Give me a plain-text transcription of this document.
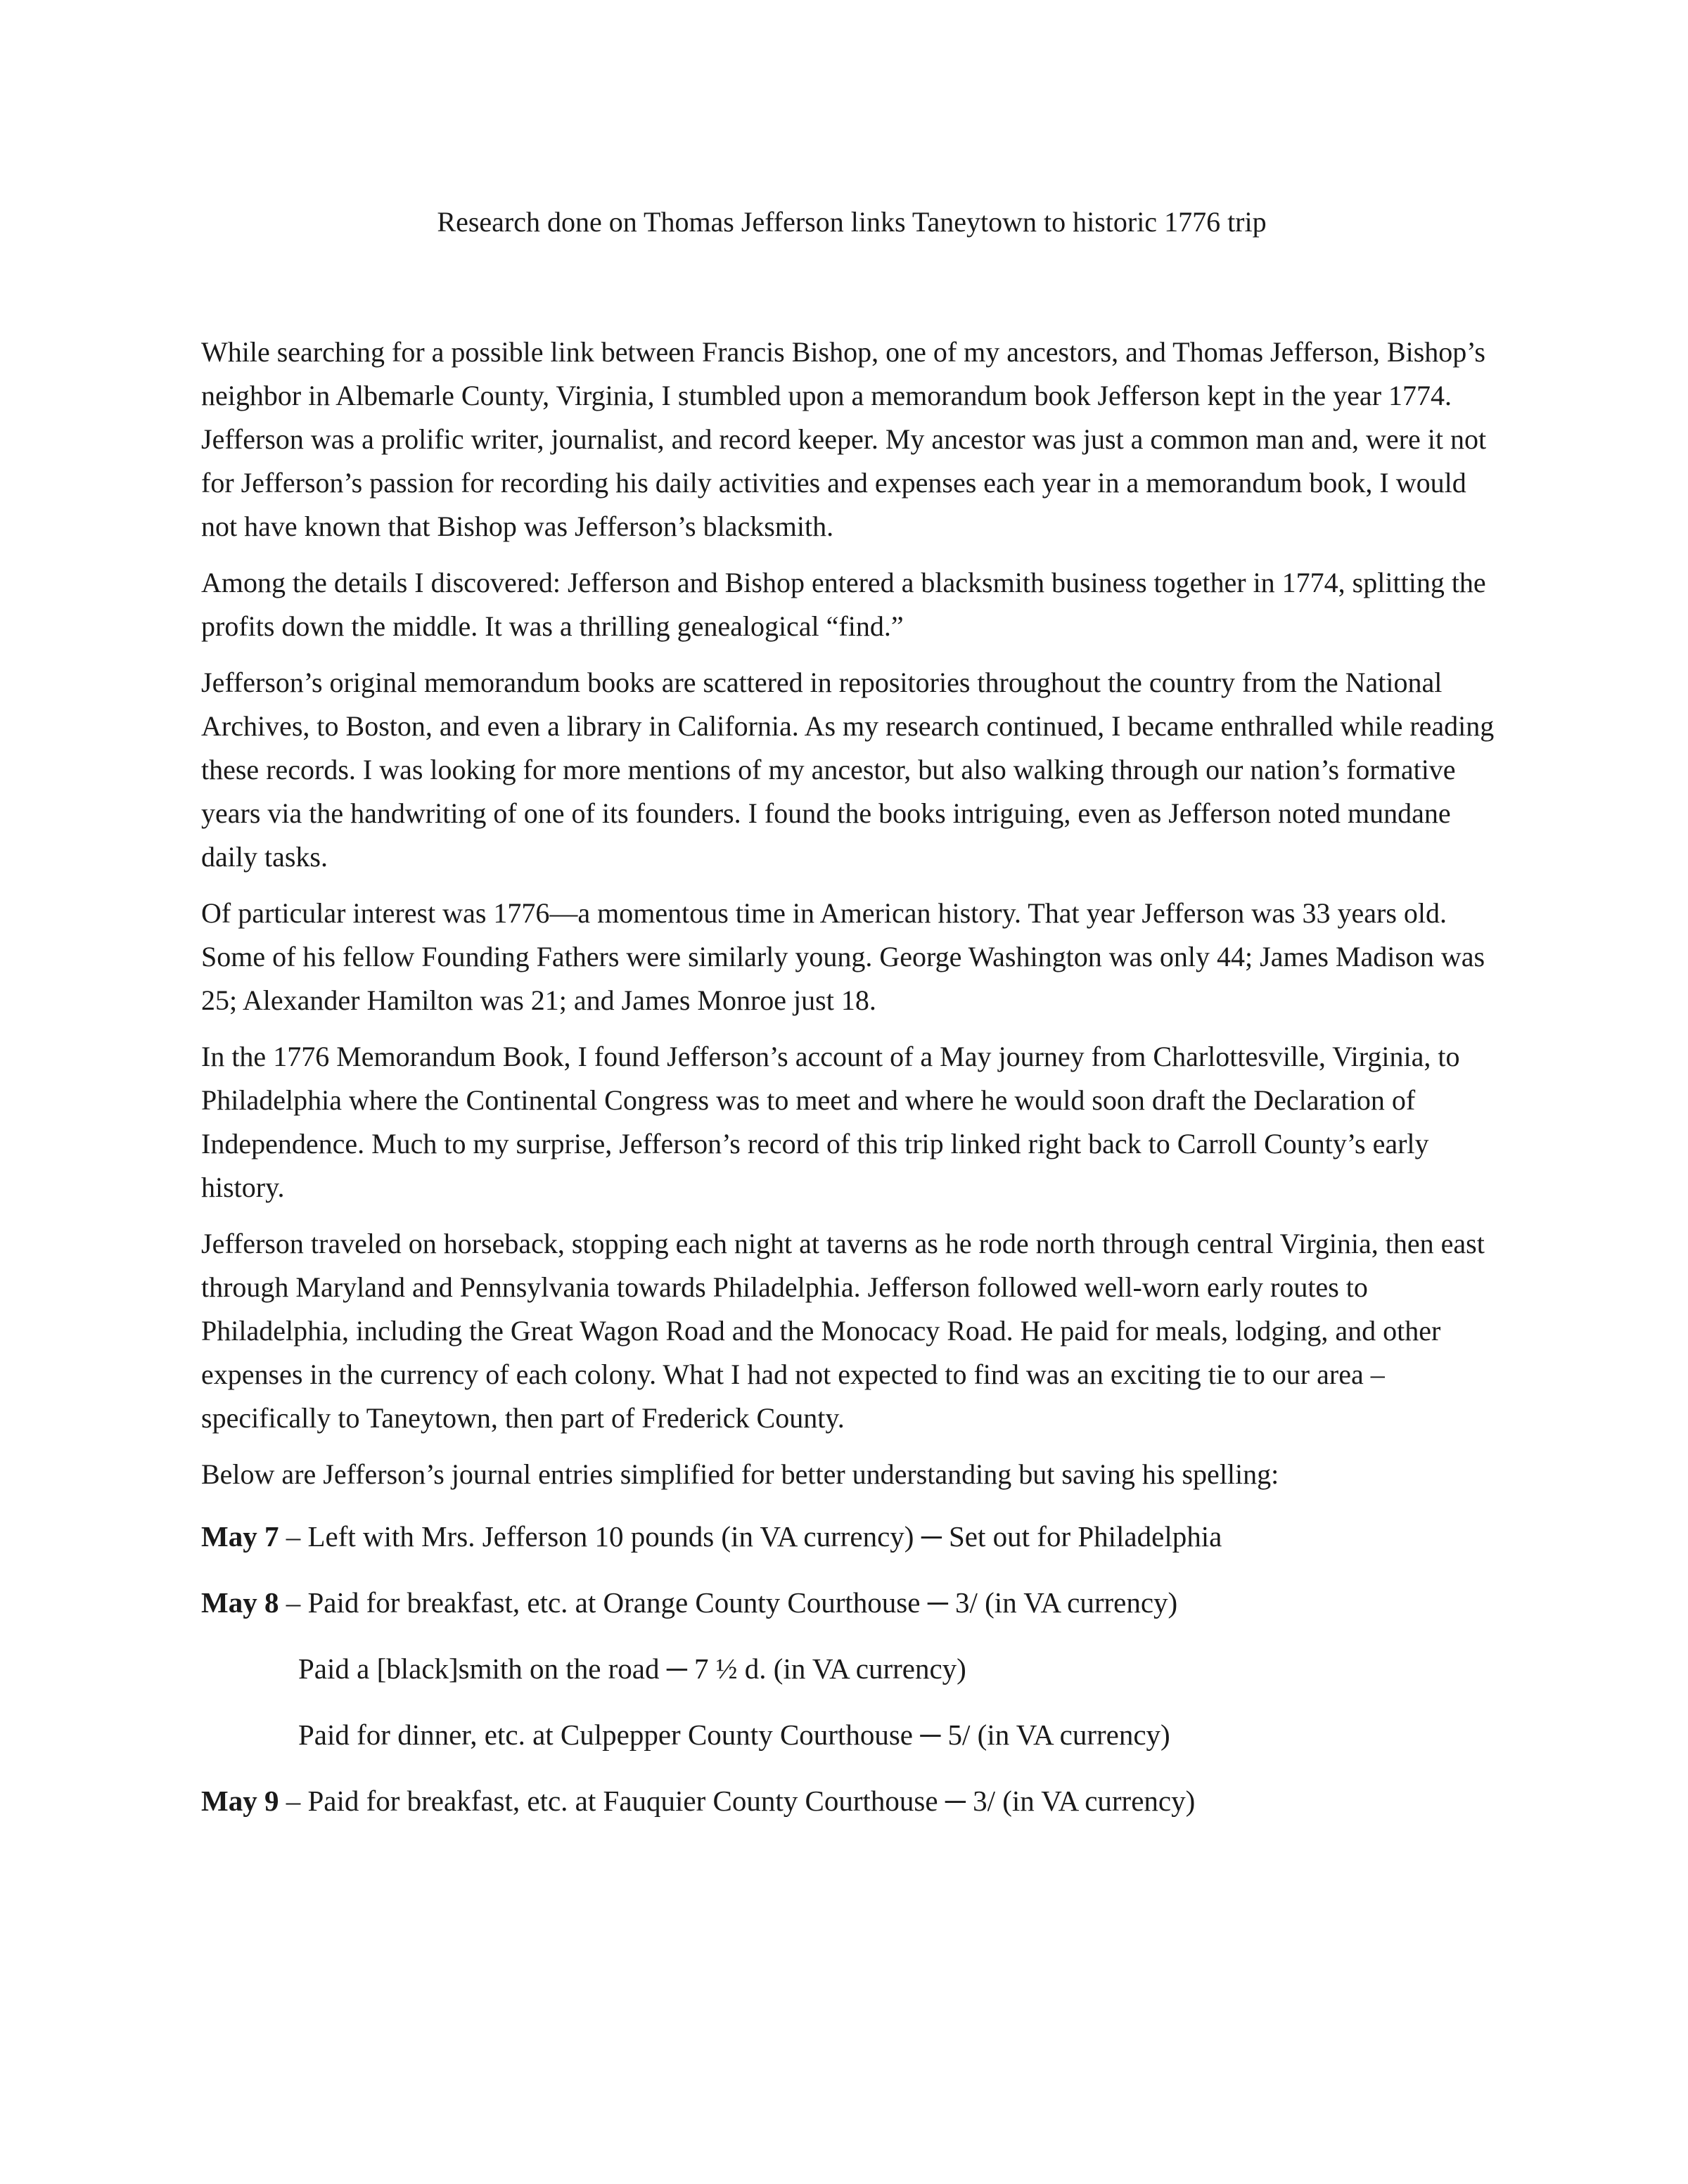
Research done on Thomas Jefferson links Taneytown to historic 1776 trip

While searching for a possible link between Francis Bishop, one of my ancestors, and Thomas Jefferson, Bishop’s neighbor in Albemarle County, Virginia, I stumbled upon a memorandum book Jefferson kept in the year 1774. Jefferson was a prolific writer, journalist, and record keeper. My ancestor was just a common man and, were it not for Jefferson’s passion for recording his daily activities and expenses each year in a memorandum book, I would not have known that Bishop was Jefferson’s blacksmith.

Among the details I discovered: Jefferson and Bishop entered a blacksmith business together in 1774, splitting the profits down the middle. It was a thrilling genealogical “find.”

Jefferson’s original memorandum books are scattered in repositories throughout the country from the National Archives, to Boston, and even a library in California. As my research continued, I became enthralled while reading these records. I was looking for more mentions of my ancestor, but also walking through our nation’s formative years via the handwriting of one of its founders. I found the books intriguing, even as Jefferson noted mundane daily tasks.

Of particular interest was 1776—a momentous time in American history. That year Jefferson was 33 years old. Some of his fellow Founding Fathers were similarly young. George Washington was only 44; James Madison was 25; Alexander Hamilton was 21; and James Monroe just 18.

In the 1776 Memorandum Book, I found Jefferson’s account of a May journey from Charlottesville, Virginia, to Philadelphia where the Continental Congress was to meet and where he would soon draft the Declaration of Independence. Much to my surprise, Jefferson’s record of this trip linked right back to Carroll County’s early history.

Jefferson traveled on horseback, stopping each night at taverns as he rode north through central Virginia, then east through Maryland and Pennsylvania towards Philadelphia. Jefferson followed well-worn early routes to Philadelphia, including the Great Wagon Road and the Monocacy Road. He paid for meals, lodging, and other expenses in the currency of each colony. What I had not expected to find was an exciting tie to our area – specifically to Taneytown, then part of Frederick County.

Below are Jefferson’s journal entries simplified for better understanding but saving his spelling:

May 7 – Left with Mrs. Jefferson 10 pounds (in VA currency) ─ Set out for Philadelphia
May 8 – Paid for breakfast, etc. at Orange County Courthouse ─ 3/ (in VA currency)
Paid a [black]smith on the road ─ 7 ½ d. (in VA currency)
Paid for dinner, etc. at Culpepper County Courthouse ─ 5/ (in VA currency)
May 9 – Paid for breakfast, etc. at Fauquier County Courthouse ─ 3/ (in VA currency)
